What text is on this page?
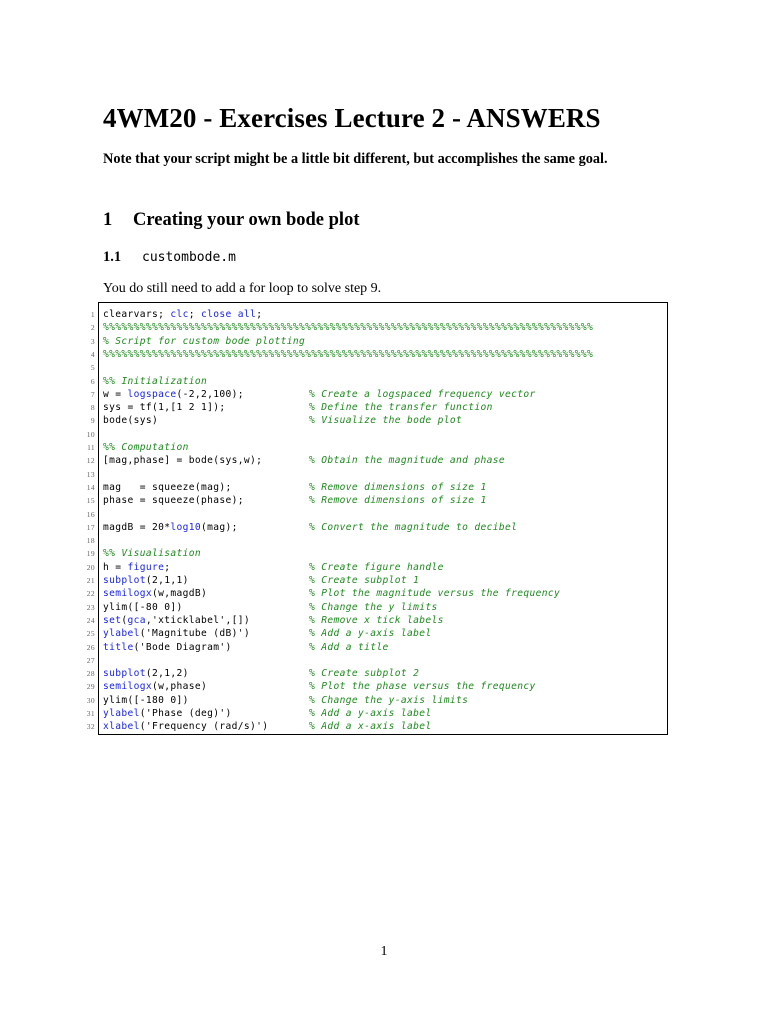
4WM20 - Exercises Lecture 2 - ANSWERS

Note that your script might be a little bit different, but accomplishes the same goal.

1 Creating your own bode plot
1.1 custombode.m

You do still need to add a for loop to solve step 9.

1 clearvars; clc; close all;
2 %%%%%%%%%%%%%%%%%%%%%%%%%%%%%%%%%%%%%%%%%%%%%%%%%%%%%%%%%%%%%%%%%%%%%%%%%%%%%%%%
3 % Script for custom bode plotting
4 %%%%%%%%%%%%%%%%%%%%%%%%%%%%%%%%%%%%%%%%%%%%%%%%%%%%%%%%%%%%%%%%%%%%%%%%%%%%%%%%
5
6 %% Initialization
7 w = logspace(-2,2,100);	% Create a logspaced frequency vector
8 sys = tf(1,[1 2 1]);	% Define the transfer function
9 bode(sys)	% Visualize the bode plot
10
11 %% Computation
12 [mag,phase] = bode(sys,w);	% Obtain the magnitude and phase
13
14 mag   = squeeze(mag);	% Remove dimensions of size 1
15 phase = squeeze(phase);	% Remove dimensions of size 1
16
17 magdB = 20*log10(mag);	% Convert the magnitude to decibel
18
19 %% Visualisation
20 h = figure;	% Create figure handle
21 subplot(2,1,1)	% Create subplot 1
22 semilogx(w,magdB)	% Plot the magnitude versus the frequency
23 ylim([-80 0])	% Change the y limits
24 set(gca,'xticklabel',[])	% Remove x tick labels
25 ylabel('Magnitube (dB)')	% Add a y-axis label
26 title('Bode Diagram')	% Add a title
27
28 subplot(2,1,2)	% Create subplot 2
29 semilogx(w,phase)	% Plot the phase versus the frequency
30 ylim([-180 0])	% Change the y-axis limits
31 ylabel('Phase (deg)')	% Add a y-axis label
32 xlabel('Frequency (rad/s)')	% Add a x-axis label

1
